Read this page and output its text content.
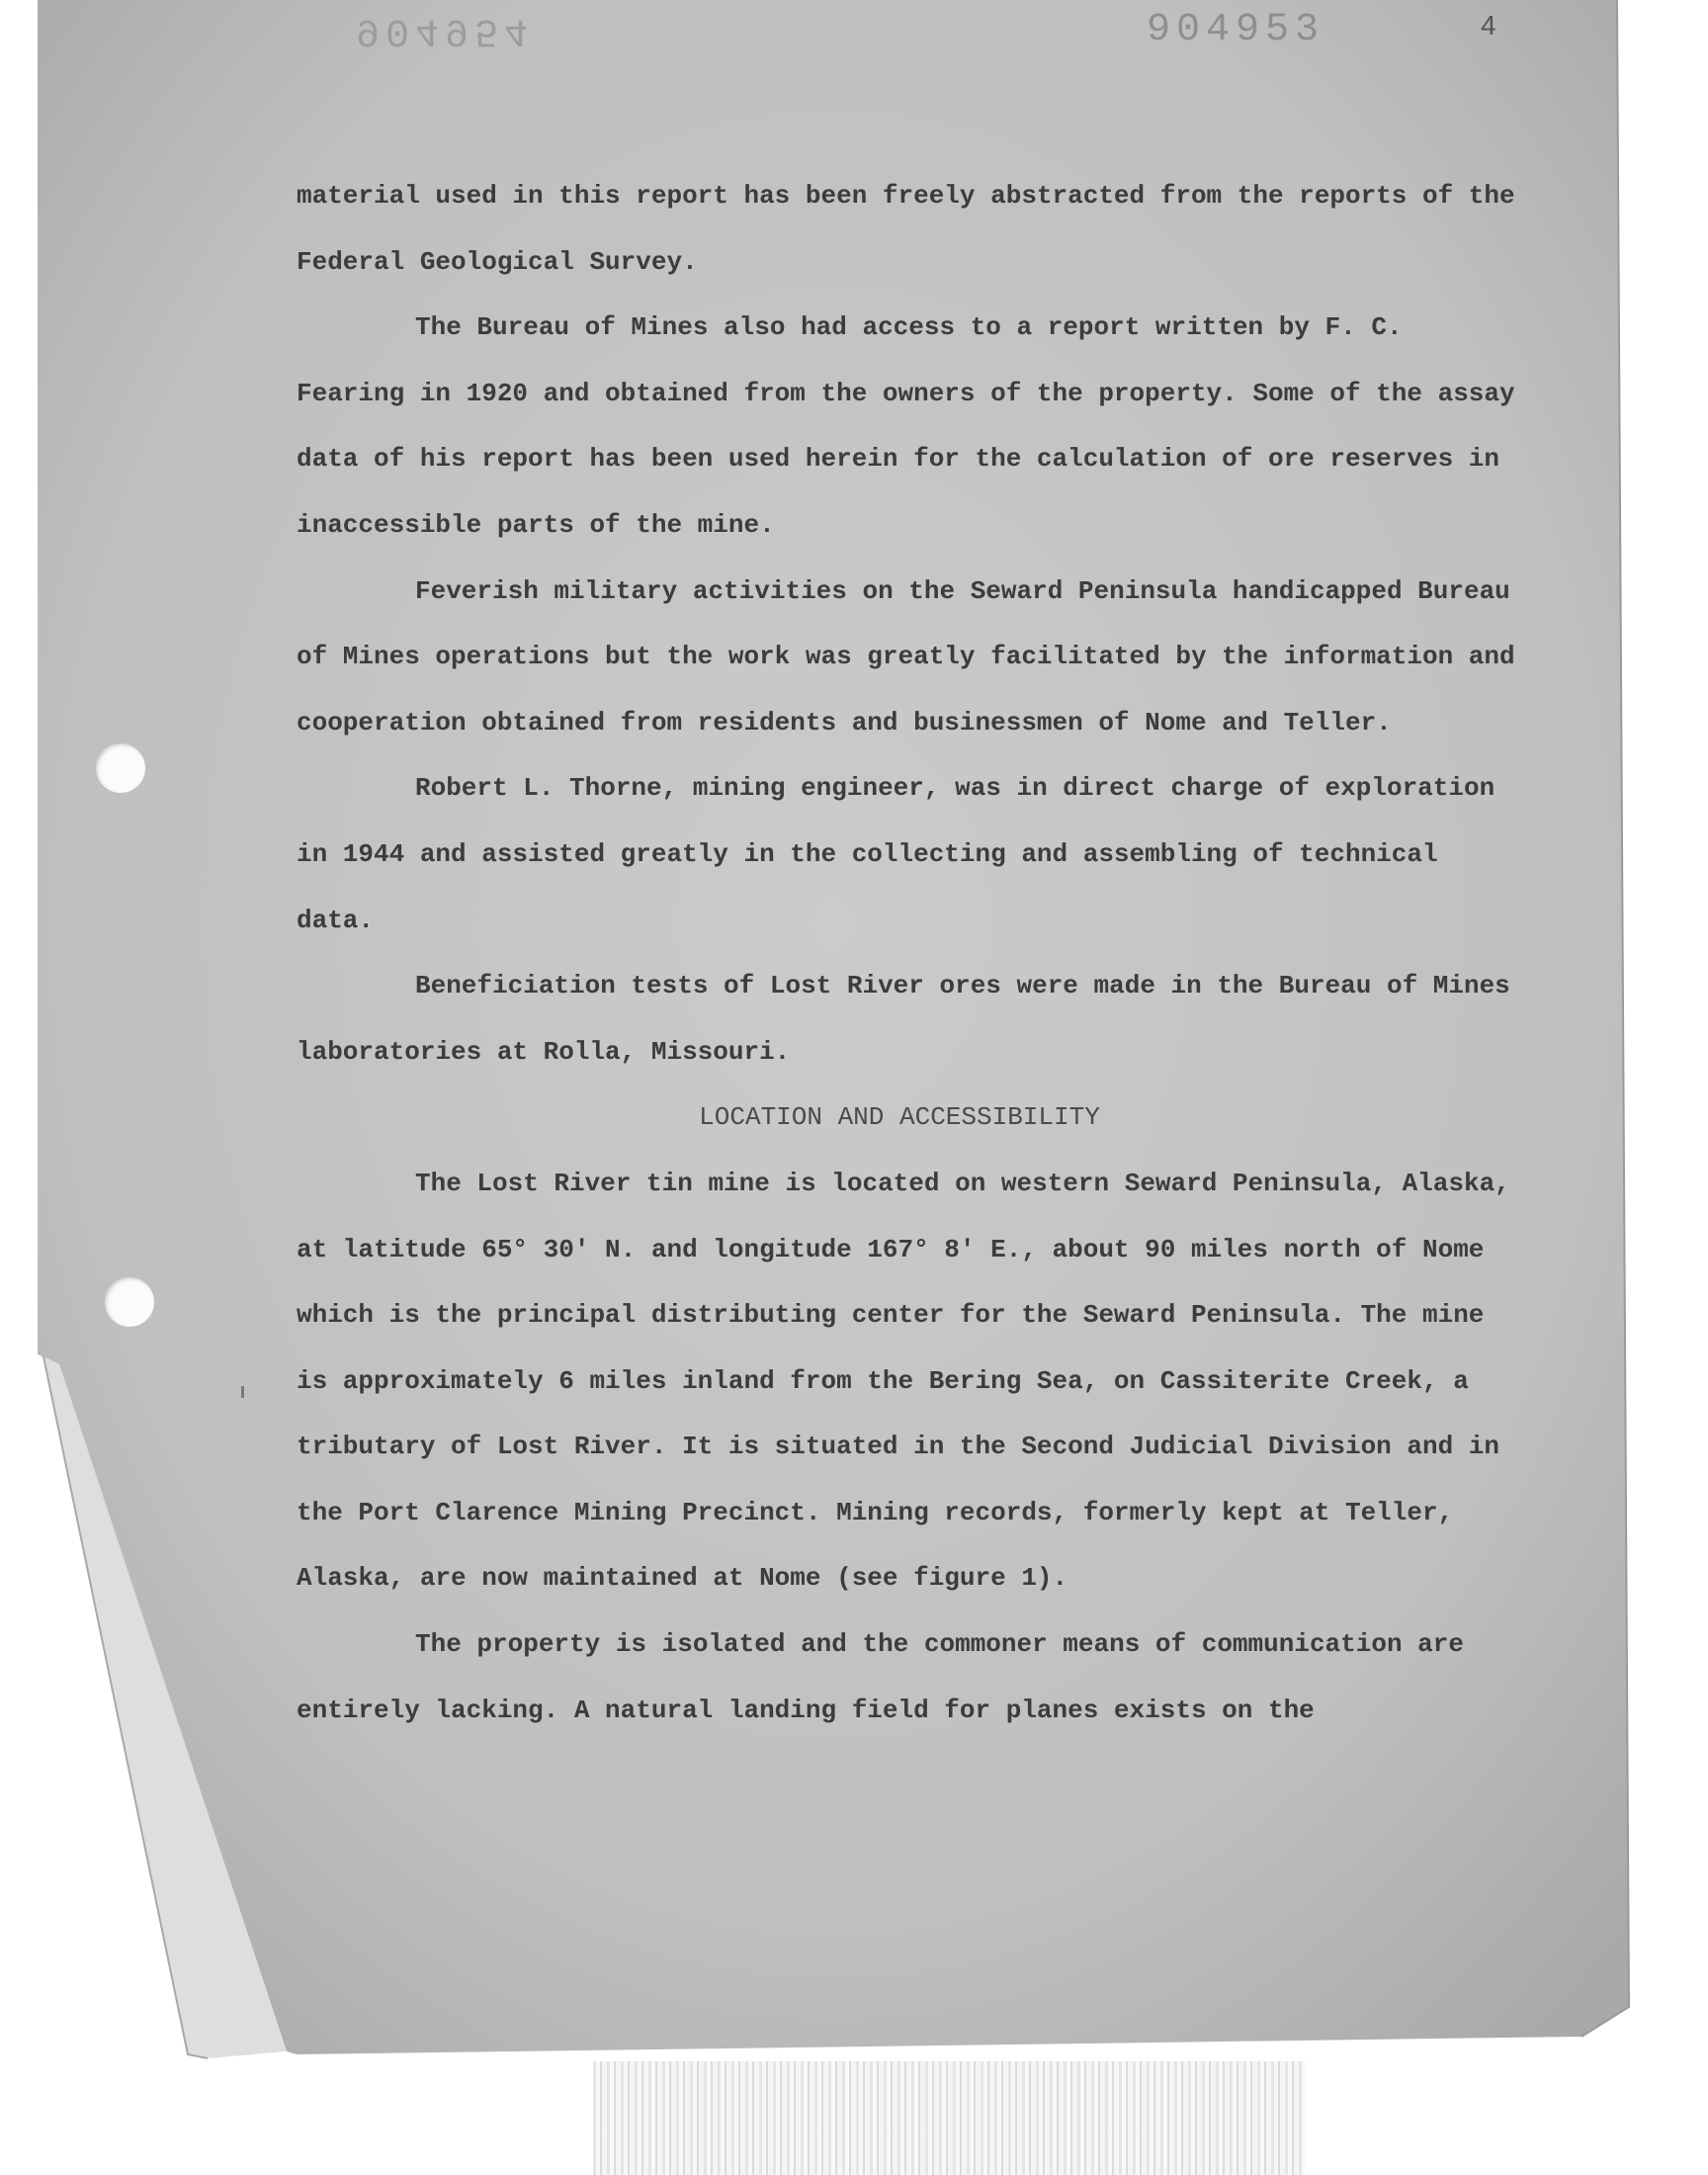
904954	904953	4

material used in this report has been freely abstracted from the reports of the Federal Geological Survey.

The Bureau of Mines also had access to a report written by F. C. Fearing in 1920 and obtained from the owners of the property. Some of the assay data of his report has been used herein for the calculation of ore reserves in inaccessible parts of the mine.

Feverish military activities on the Seward Peninsula handicapped Bureau of Mines operations but the work was greatly facilitated by the information and cooperation obtained from residents and businessmen of Nome and Teller.

Robert L. Thorne, mining engineer, was in direct charge of exploration in 1944 and assisted greatly in the collecting and assembling of technical data.

Beneficiation tests of Lost River ores were made in the Bureau of Mines laboratories at Rolla, Missouri.

LOCATION AND ACCESSIBILITY

The Lost River tin mine is located on western Seward Peninsula, Alaska, at latitude 65° 30' N. and longitude 167° 8' E., about 90 miles north of Nome which is the principal distributing center for the Seward Peninsula. The mine is approximately 6 miles inland from the Bering Sea, on Cassiterite Creek, a tributary of Lost River. It is situated in the Second Judicial Division and in the Port Clarence Mining Precinct. Mining records, formerly kept at Teller, Alaska, are now maintained at Nome (see figure 1).

The property is isolated and the commoner means of communication are entirely lacking. A natural landing field for planes exists on the
